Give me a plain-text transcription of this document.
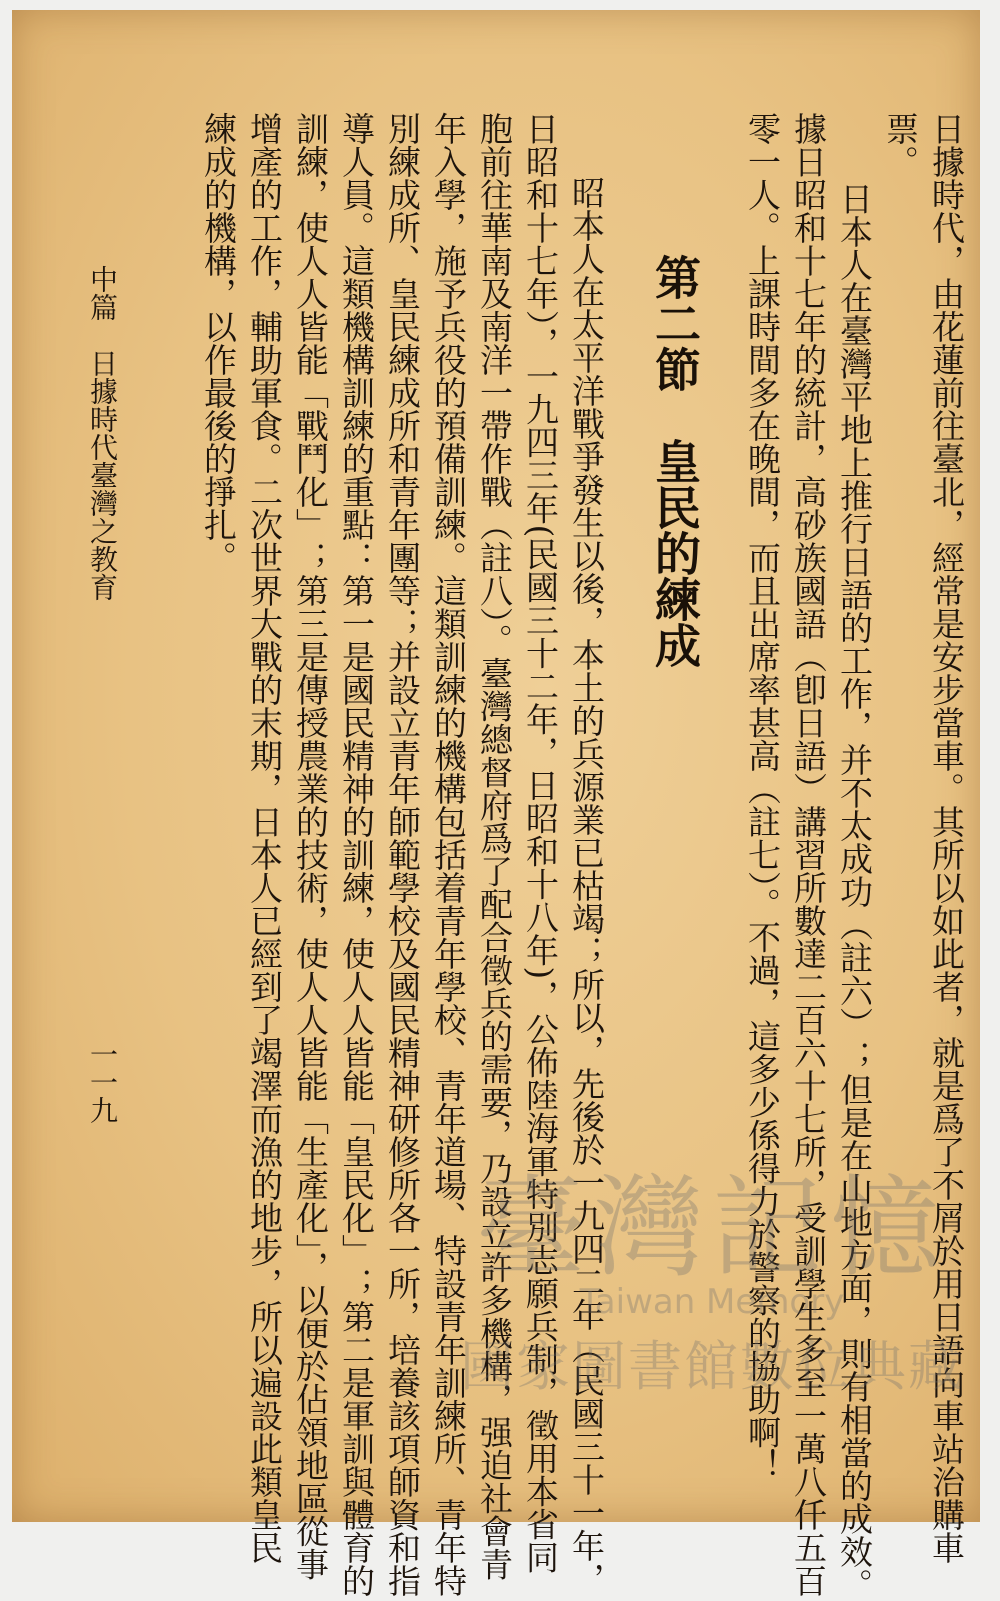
日據時代，由花蓮前往臺北，經常是安步當車。其所以如此者，就是爲了不屑於用日語向車站治購車
票。
日本人在臺灣平地上推行日語的工作，并不太成功（註六）；但是在山地方面，則有相當的成效。
據日昭和十七年的統計，高砂族國語（卽日語）講習所數達二百六十七所，受訓學生多至一萬八仟五百
零一人。上課時間多在晚間，而且出席率甚高（註七）。不過，這多少係得力於警察的協助啊！
第二節　皇民的練成
昭本人在太平洋戰爭發生以後，本土的兵源業已枯竭；所以，先後於一九四二年（民國三十一年，
日昭和十七年），一九四三年(民國三十二年，日昭和十八年)，公佈陸海軍特別志願兵制，徵用本省同
胞前往華南及南洋一帶作戰（註八）。臺灣總督府爲了配合徵兵的需要，乃設立許多機構，强迫社會青
年入學，施予兵役的預備訓練。這類訓練的機構包括着青年學校、青年道場、特設青年訓練所、青年特
別練成所、皇民練成所和青年團等；并設立青年師範學校及國民精神研修所各一所，培養該項師資和指
導人員。這類機構訓練的重點：第一是國民精神的訓練，使人人皆能「皇民化」；第二是軍訓與體育的
訓練，使人人皆能「戰鬥化」；第三是傳授農業的技術，使人人皆能「生產化」，以便於佔領地區從事
增產的工作，輔助軍食。二次世界大戰的末期，日本人已經到了竭澤而漁的地步，所以遍設此類皇民
練成的機構，以作最後的掙扎。
中篇　日據時代臺灣之教育
一一九
臺灣記憶
Taiwan Memory
國家圖書館數位典藏
